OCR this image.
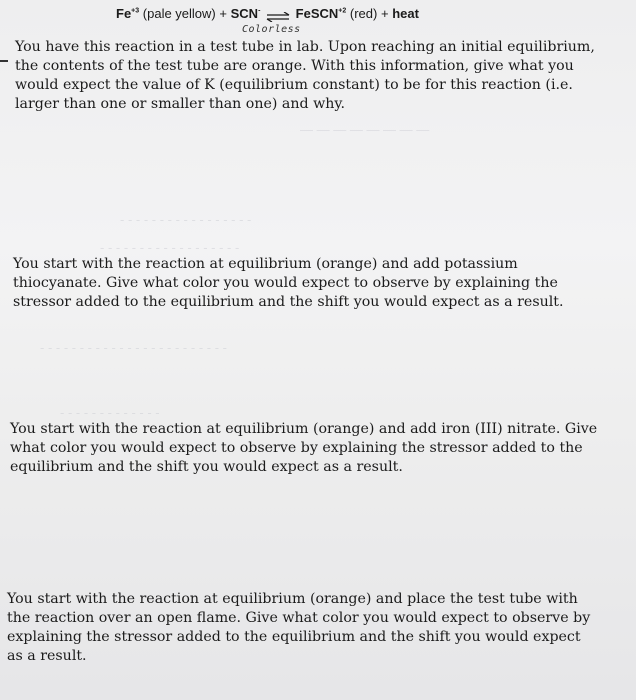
— — — — — — — —
- - - - - - - - - - - - - - - - -
- - - - - - - - - - - - - - - - - -
- - - - - - - - - - - - - - - - - - - - - - - -
- - - - - - - - - - - - -
$Fe^{+3}$ (pale yellow) + SCN- ⇌ FeSCN$^{+2}$ (red) + heat
Colorless

You have this reaction in a test tube in lab. Upon reaching an initial equilibrium, the contents of the test tube are orange. With this information, give what you would expect the value of K (equilibrium constant) to be for this reaction (i.e. larger than one or smaller than one) and why.

You start with the reaction at equilibrium (orange) and add potassium thiocyanate. Give what color you would expect to observe by explaining the stressor added to the equilibrium and the shift you would expect as a result.

You start with the reaction at equilibrium (orange) and add iron (III) nitrate. Give what color you would expect to observe by explaining the stressor added to the equilibrium and the shift you would expect as a result.

You start with the reaction at equilibrium (orange) and place the test tube with the reaction over an open flame. Give what color you would expect to observe by explaining the stressor added to the equilibrium and the shift you would expect as a result.
